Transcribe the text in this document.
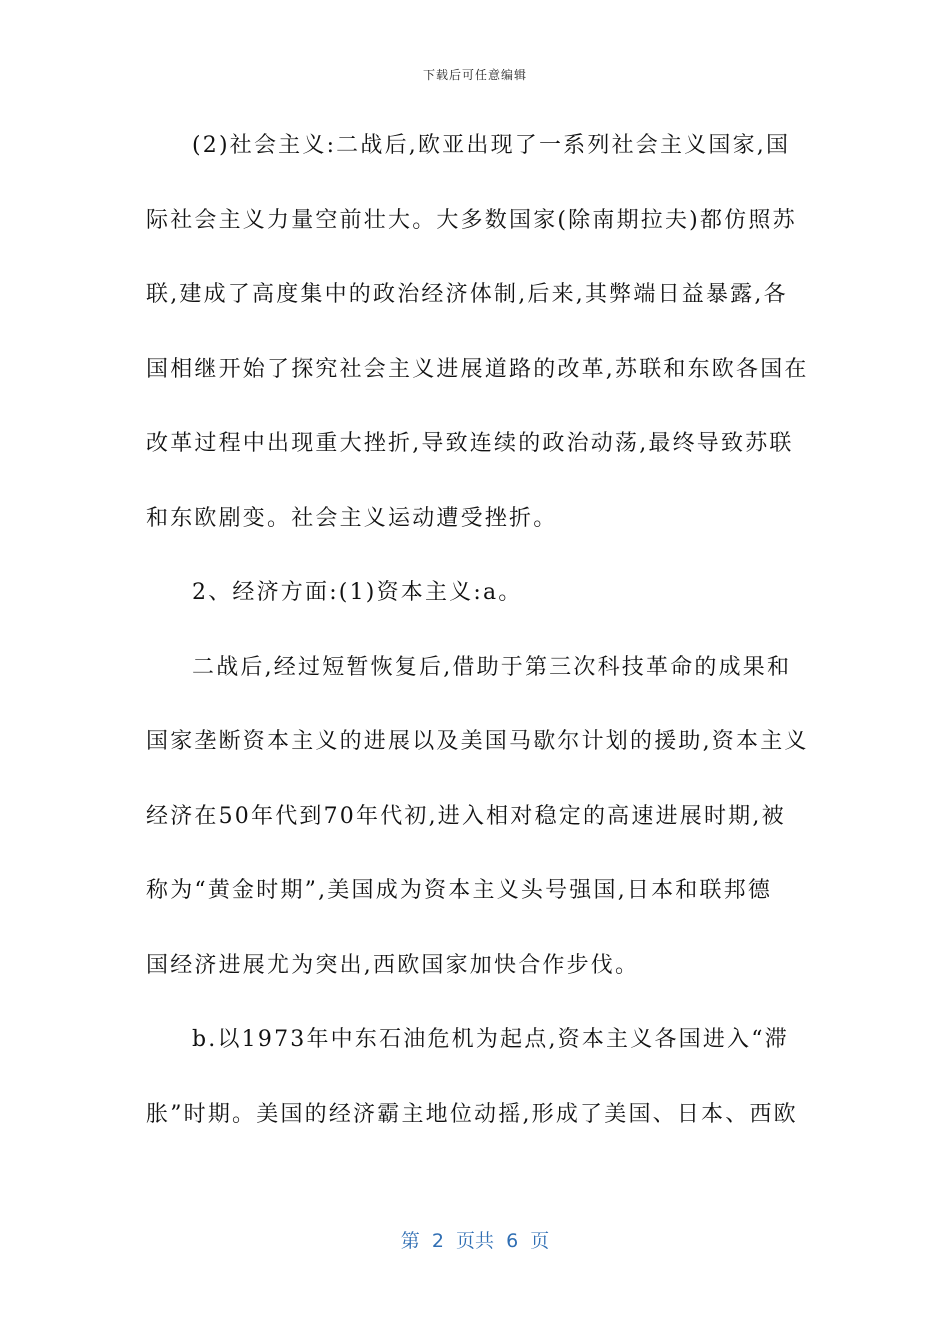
下载后可任意编辑
(2)社会主义:二战后,欧亚出现了一系列社会主义国家,国
际社会主义力量空前壮大。大多数国家(除南期拉夫)都仿照苏
联,建成了高度集中的政治经济体制,后来,其弊端日益暴露,各
国相继开始了探究社会主义进展道路的改革,苏联和东欧各国在
改革过程中出现重大挫折,导致连续的政治动荡,最终导致苏联
和东欧剧变。社会主义运动遭受挫折。
2、经济方面:(1)资本主义:a。
二战后,经过短暂恢复后,借助于第三次科技革命的成果和
国家垄断资本主义的进展以及美国马歇尔计划的援助,资本主义
经济在50年代到70年代初,进入相对稳定的高速进展时期,被
称为“黄金时期”,美国成为资本主义头号强国,日本和联邦德
国经济进展尤为突出,西欧国家加快合作步伐。
b.以1973年中东石油危机为起点,资本主义各国进入“滞
胀”时期。美国的经济霸主地位动摇,形成了美国、日本、西欧
第  2  页共  6  页
